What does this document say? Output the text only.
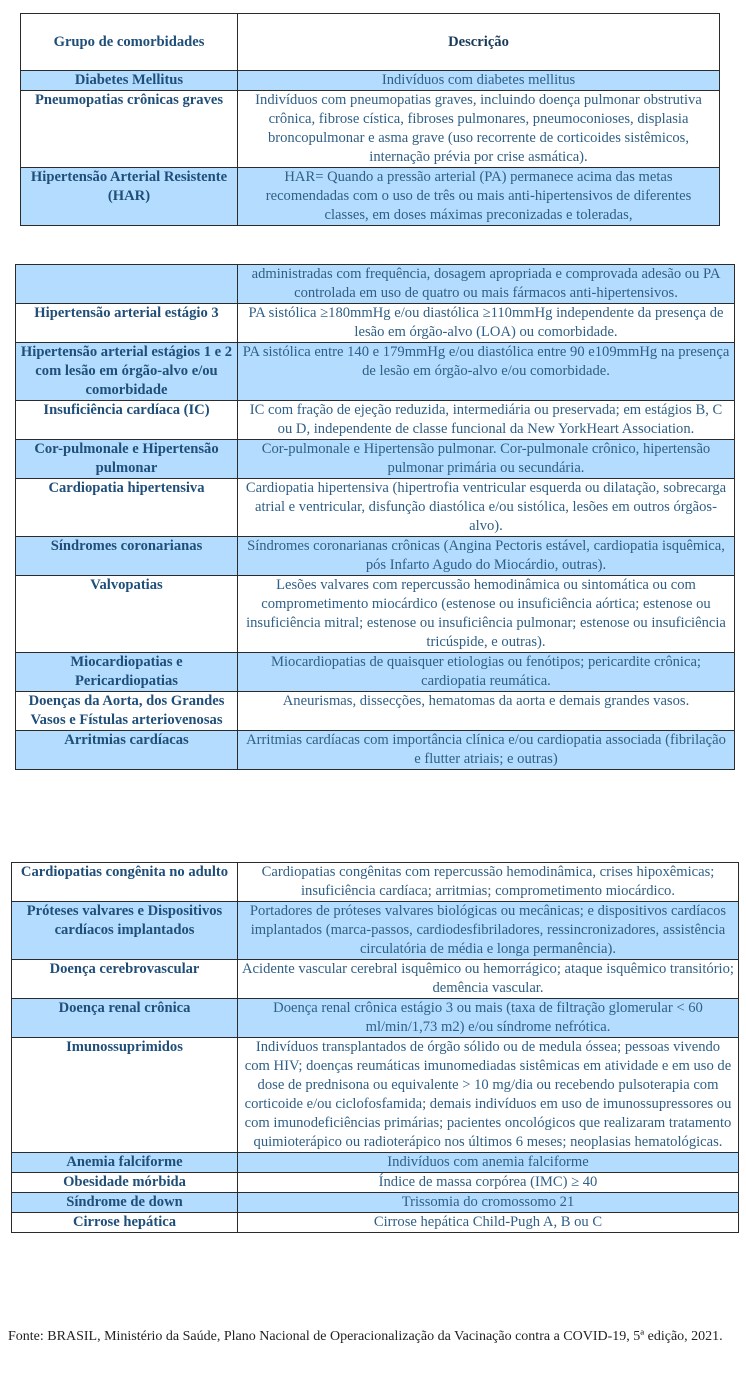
Grupo de comorbidades	Descrição
Diabetes Mellitus	Indivíduos com diabetes mellitus
Pneumopatias crônicas graves	Indivíduos com pneumopatias graves, incluindo doença pulmonar obstrutiva crônica, fibrose cística, fibroses pulmonares, pneumoconioses, displasia broncopulmonar e asma grave (uso recorrente de corticoides sistêmicos, internação prévia por crise asmática).
Hipertensão Arterial Resistente (HAR)	HAR= Quando a pressão arterial (PA) permanece acima das metas recomendadas com o uso de três ou mais anti-hipertensivos de diferentes classes, em doses máximas preconizadas e toleradas,
	administradas com frequência, dosagem apropriada e comprovada adesão ou PA controlada em uso de quatro ou mais fármacos anti-hipertensivos.
Hipertensão arterial estágio 3	PA sistólica ≥180mmHg e/ou diastólica ≥110mmHg independente da presença de lesão em órgão-alvo (LOA) ou comorbidade.
Hipertensão arterial estágios 1 e 2 com lesão em órgão-alvo e/ou comorbidade	PA sistólica entre 140 e 179mmHg e/ou diastólica entre 90 e109mmHg na presença de lesão em órgão-alvo e/ou comorbidade.
Insuficiência cardíaca (IC)	IC com fração de ejeção reduzida, intermediária ou preservada; em estágios B, C ou D, independente de classe funcional da New YorkHeart Association.
Cor-pulmonale e Hipertensão pulmonar	Cor-pulmonale e Hipertensão pulmonar. Cor-pulmonale crônico, hipertensão pulmonar primária ou secundária.
Cardiopatia hipertensiva	Cardiopatia hipertensiva (hipertrofia ventricular esquerda ou dilatação, sobrecarga atrial e ventricular, disfunção diastólica e/ou sistólica, lesões em outros órgãos-alvo).
Síndromes coronarianas	Síndromes coronarianas crônicas (Angina Pectoris estável, cardiopatia isquêmica, pós Infarto Agudo do Miocárdio, outras).
Valvopatias	Lesões valvares com repercussão hemodinâmica ou sintomática ou com comprometimento miocárdico (estenose ou insuficiência aórtica; estenose ou insuficiência mitral; estenose ou insuficiência pulmonar; estenose ou insuficiência tricúspide, e outras).
Miocardiopatias e Pericardiopatias	Miocardiopatias de quaisquer etiologias ou fenótipos; pericardite crônica; cardiopatia reumática.
Doenças da Aorta, dos Grandes Vasos e Fístulas arteriovenosas	Aneurismas, dissecções, hematomas da aorta e demais grandes vasos.
Arritmias cardíacas	Arritmias cardíacas com importância clínica e/ou cardiopatia associada (fibrilação e flutter atriais; e outras)
Cardiopatias congênita no adulto	Cardiopatias congênitas com repercussão hemodinâmica, crises hipoxêmicas; insuficiência cardíaca; arritmias; comprometimento miocárdico.
Próteses valvares e Dispositivos cardíacos implantados	Portadores de próteses valvares biológicas ou mecânicas; e dispositivos cardíacos implantados (marca-passos, cardiodesfibriladores, ressincronizadores, assistência circulatória de média e longa permanência).
Doença cerebrovascular	Acidente vascular cerebral isquêmico ou hemorrágico; ataque isquêmico transitório; demência vascular.
Doença renal crônica	Doença renal crônica estágio 3 ou mais (taxa de filtração glomerular < 60 ml/min/1,73 m2) e/ou síndrome nefrótica.
Imunossuprimidos	Indivíduos transplantados de órgão sólido ou de medula óssea; pessoas vivendo com HIV; doenças reumáticas imunomediadas sistêmicas em atividade e em uso de dose de prednisona ou equivalente > 10 mg/dia ou recebendo pulsoterapia com corticoide e/ou ciclofosfamida; demais indivíduos em uso de imunossupressores ou com imunodeficiências primárias; pacientes oncológicos que realizaram tratamento quimioterápico ou radioterápico nos últimos 6 meses; neoplasias hematológicas.
Anemia falciforme	Indivíduos com anemia falciforme
Obesidade mórbida	Índice de massa corpórea (IMC) ≥ 40
Síndrome de down	Trissomia do cromossomo 21
Cirrose hepática	Cirrose hepática Child-Pugh A, B ou C
Fonte: BRASIL, Ministério da Saúde, Plano Nacional de Operacionalização da Vacinação contra a COVID-19, 5ª edição, 2021.
